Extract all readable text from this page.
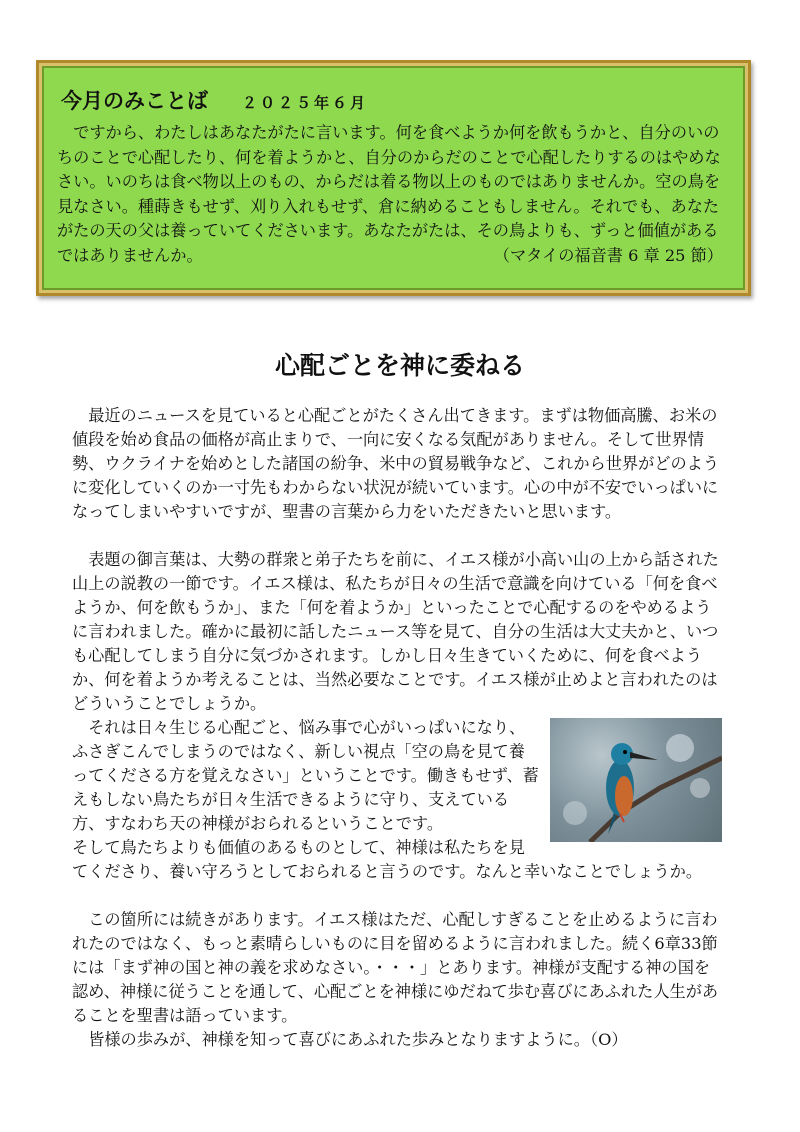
今月のみことば ２０２５年６月
ですから、わたしはあなたがたに言います。何を食べようか何を飲もうかと、自分のいのちのことで心配したり、何を着ようかと、自分のからだのことで心配したりするのはやめなさい。いのちは食べ物以上のもの、からだは着る物以上のものではありませんか。空の鳥を見なさい。種蒔きもせず、刈り入れもせず、倉に納めることもしません。それでも、あなたがたの天の父は養っていてくださいます。あなたがたは、その鳥よりも、ずっと価値があるではありませんか。	（マタイの福音書 6 章 25 節）
心配ごとを神に委ねる

最近のニュースを見ていると心配ごとがたくさん出てきます。まずは物価高騰、お米の値段を始め食品の価格が高止まりで、一向に安くなる気配がありません。そして世界情勢、ウクライナを始めとした諸国の紛争、米中の貿易戦争など、これから世界がどのように変化していくのか一寸先もわからない状況が続いています。心の中が不安でいっぱいになってしまいやすいですが、聖書の言葉から力をいただきたいと思います。

表題の御言葉は、大勢の群衆と弟子たちを前に、イエス様が小高い山の上から話された山上の説教の一節です。イエス様は、私たちが日々の生活で意識を向けている「何を食べようか、何を飲もうか」、また「何を着ようか」といったことで心配するのをやめるように言われました。確かに最初に話したニュース等を見て、自分の生活は大丈夫かと、いつも心配してしまう自分に気づかされます。しかし日々生きていくために、何を食べようか、何を着ようか考えることは、当然必要なことです。イエス様が止めよと言われたのはどういうことでしょうか。

それは日々生じる心配ごと、悩み事で心がいっぱいになり、ふさぎこんでしまうのではなく、新しい視点「空の鳥を見て養ってくださる方を覚えなさい」ということです。働きもせず、蓄えもしない鳥たちが日々生活できるように守り、支えている方、すなわち天の神様がおられるということです。

そして鳥たちよりも価値のあるものとして、神様は私たちを見てくださり、養い守ろうとしておられると言うのです。なんと幸いなことでしょうか。

この箇所には続きがあります。イエス様はただ、心配しすぎることを止めるように言われたのではなく、もっと素晴らしいものに目を留めるように言われました。続く6章33節には「まず神の国と神の義を求めなさい。・・・」とあります。神様が支配する神の国を認め、神様に従うことを通して、心配ごとを神様にゆだねて歩む喜びにあふれた人生があることを聖書は語っています。

皆様の歩みが、神様を知って喜びにあふれた歩みとなりますように。（O）
